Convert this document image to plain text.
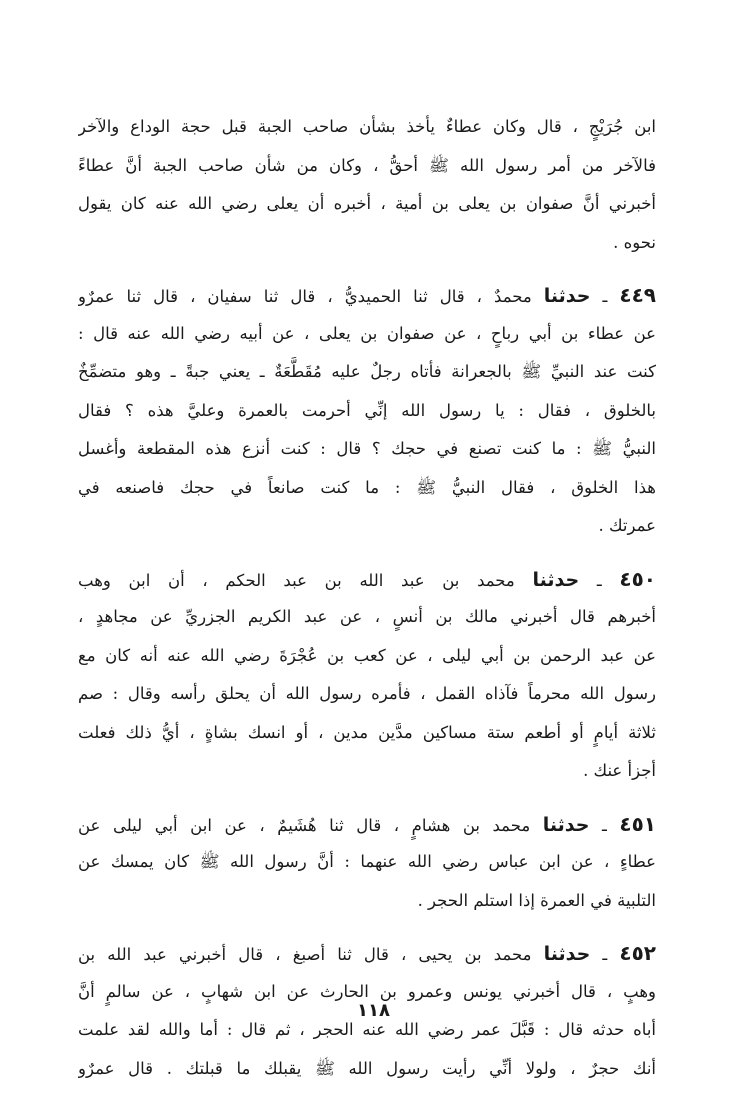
ابن جُرَيْجٍ ، قال وكان عطاءٌ يأخذ بشأن صاحب الجبة قبل حجة الوداع والآخر
فالآخر من أمر رسول الله ﷺ أحقُّ ، وكان من شأن صاحب الجبة أنَّ عطاءً
أخبرني أنَّ صفوان بن يعلى بن أمية ، أخبره أن يعلى رضي الله عنه كان يقول
نحوه .
٤٤٩ ـ حدثنا محمدٌ ، قال ثنا الحميديُّ ، قال ثنا سفيان ، قال ثنا عمرٌو
عن عطاء بن أبي رباحٍ ، عن صفوان بن يعلى ، عن أبيه رضي الله عنه قال :
كنت عند النبيِّ ﷺ بالجعرانة فأتاه رجلٌ عليه مُقَطَّعَةٌ ـ يعني جبةً ـ وهو متضمِّخٌ
بالخلوق ، فقال : يا رسول الله إنِّي أحرمت بالعمرة وعليَّ هذه ؟ فقال
النبيُّ ﷺ : ما كنت تصنع في حجك ؟ قال : كنت أنزع هذه المقطعة وأغسل
هذا الخلوق ، فقال النبيُّ ﷺ : ما كنت صانعاً في حجك فاصنعه في
عمرتك .
٤٥٠ ـ حدثنا محمد بن عبد الله بن عبد الحكم ، أن ابن وهب
أخبرهم قال أخبرني مالك بن أنسٍ ، عن عبد الكريم الجزريِّ عن مجاهدٍ ،
عن عبد الرحمن بن أبي ليلى ، عن كعب بن عُجْرَةَ رضي الله عنه أنه كان مع
رسول الله محرماً فآذاه القمل ، فأمره رسول الله أن يحلق رأسه وقال : صم
ثلاثة أيامٍ أو أطعم ستة مساكين مدَّين مدين ، أو انسك بشاةٍ ، أيُّ ذلك فعلت
أجزأ عنك .
٤٥١ ـ حدثنا محمد بن هشامٍ ، قال ثنا هُشَيمٌ ، عن ابن أبي ليلى عن
عطاءٍ ، عن ابن عباس رضي الله عنهما : أنَّ رسول الله ﷺ كان يمسك عن
التلبية في العمرة إذا استلم الحجر .
٤٥٢ ـ حدثنا محمد بن يحيى ، قال ثنا أصبغ ، قال أخبرني عبد الله بن
وهبٍ ، قال أخبرني يونس وعمرو بن الحارث عن ابن شهابٍ ، عن سالمٍ أنَّ
أباه حدثه قال : قَبَّلَ عمر رضي الله عنه الحجر ، ثم قال : أما والله لقد علمت
أنك حجرٌ ، ولولا أنِّي رأيت رسول الله ﷺ يقبلك ما قبلتك . قال عمرٌو
١١٨
